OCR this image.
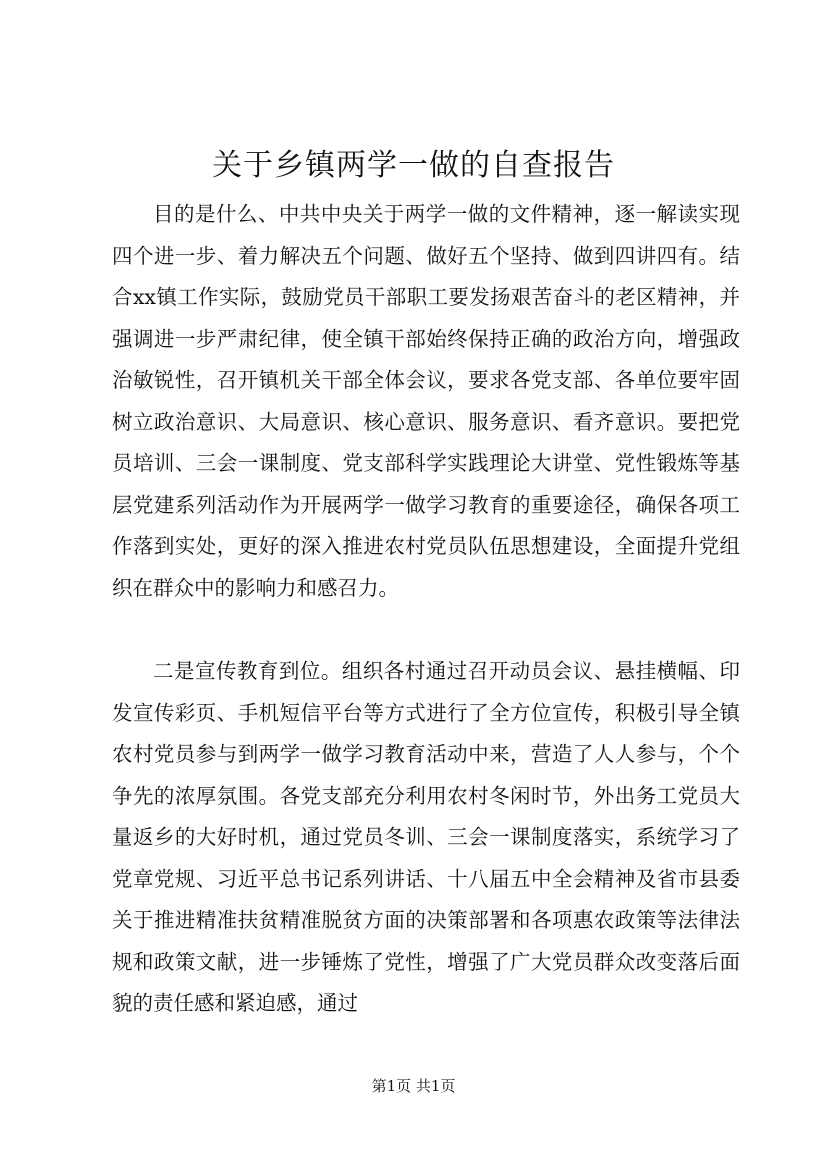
关于乡镇两学一做的自查报告

目的是什么、中共中央关于两学一做的文件精神，逐一解读实现四个进一步、着力解决五个问题、做好五个坚持、做到四讲四有。结合xx镇工作实际，鼓励党员干部职工要发扬艰苦奋斗的老区精神，并强调进一步严肃纪律，使全镇干部始终保持正确的政治方向，增强政治敏锐性，召开镇机关干部全体会议，要求各党支部、各单位要牢固树立政治意识、大局意识、核心意识、服务意识、看齐意识。要把党员培训、三会一课制度、党支部科学实践理论大讲堂、党性锻炼等基层党建系列活动作为开展两学一做学习教育的重要途径，确保各项工作落到实处，更好的深入推进农村党员队伍思想建设，全面提升党组织在群众中的影响力和感召力。

二是宣传教育到位。组织各村通过召开动员会议、悬挂横幅、印发宣传彩页、手机短信平台等方式进行了全方位宣传，积极引导全镇农村党员参与到两学一做学习教育活动中来，营造了人人参与，个个争先的浓厚氛围。各党支部充分利用农村冬闲时节，外出务工党员大量返乡的大好时机，通过党员冬训、三会一课制度落实，系统学习了党章党规、习近平总书记系列讲话、十八届五中全会精神及省市县委关于推进精准扶贫精准脱贫方面的决策部署和各项惠农政策等法律法规和政策文献，进一步锤炼了党性，增强了广大党员群众改变落后面貌的责任感和紧迫感，通过

第1页 共1页
